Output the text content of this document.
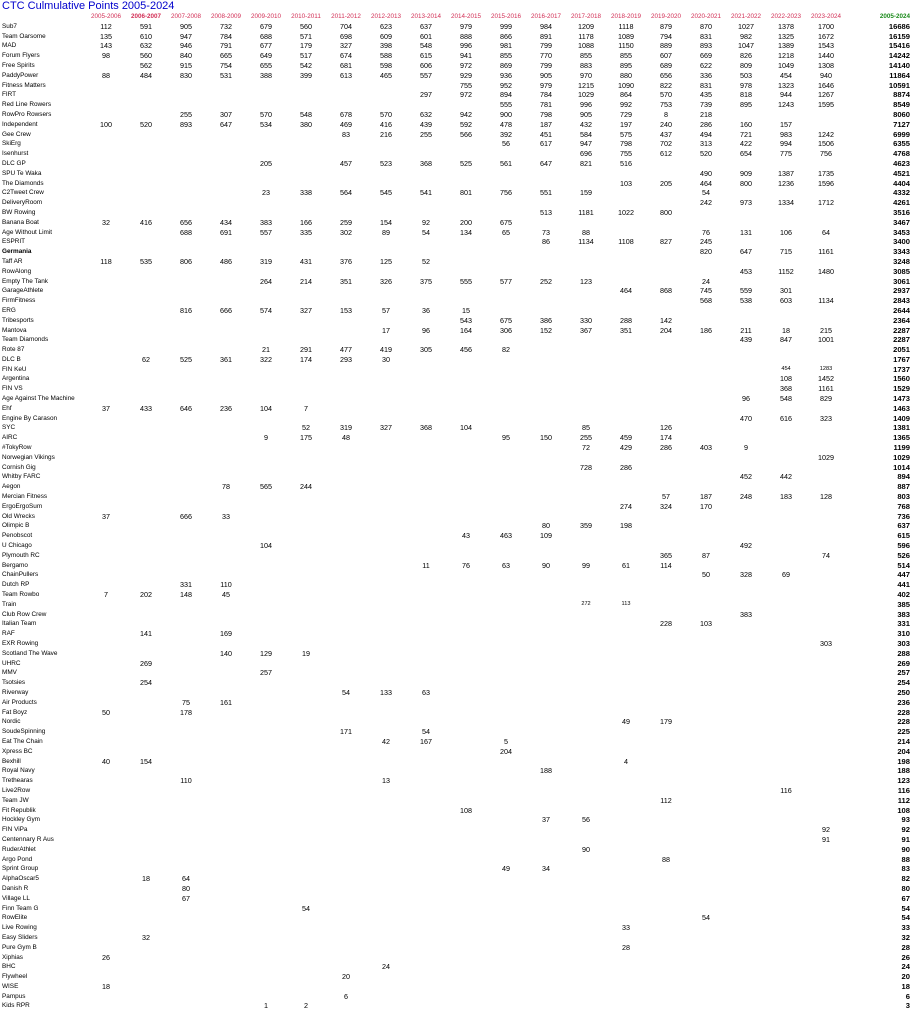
CTC Culmulative Points 2005-2024
	2005-2006	2006-2007	2007-2008	2008-2009	2009-2010	2010-2011	2011-2012	2012-2013	2013-2014	2014-2015	2015-2016	2016-2017	2017-2018	2018-2019	2019-2020	2020-2021	2021-2022	2022-2023	2023-2024	2005-2024
Sub7	112	591	905	732	679	560	704	623	637	979	999	984	1209	1118	879	870	1027	1378	1700	16686
Team Oarsome	135	610	947	784	688	571	698	609	601	888	866	891	1178	1089	794	831	982	1325	1672	16159
MAD	143	632	946	791	677	179	327	398	548	996	981	799	1088	1150	889	893	1047	1389	1543	15416
Forum Flyers	98	560	840	665	649	517	674	588	615	941	855	770	855	855	607	669	826	1218	1440	14242
Free Spirits		562	915	754	655	542	681	598	606	972	869	799	883	895	689	622	809	1049	1308	14140
PaddyPower	88	484	830	531	388	399	613	465	557	929	936	905	970	880	656	336	503	454	940	11864
Fitness Matters										755	952	979	1215	1090	822	831	978	1323	1646	10591
FIRT									297	972	894	784	1029	864	570	435	818	944	1267	8874
Red Line Rowers											555	781	996	992	753	739	895	1243	1595	8549
RowPro Rowsers			255	307	570	548	678	570	632	942	900	798	905	729	8	218				8060
Independent	100	520	893	647	534	380	469	416	439	592	478	187	432	197	240	286	160	157		7127
Gee Crew							83	216	255	566	392	451	584	575	437	494	721	983	1242	6999
SkiErg											56	617	947	798	702	313	422	994	1506	6355
Isenhurst													696	755	612	520	654	775	756	4768
DLC GP					205		457	523	368	525	561	647	821	516						4623
SPU Te Waka																490	909	1387	1735	4521
The Diamonds														103	205	464	800	1236	1596	4404
C2Tweet Crew					23	338	564	545	541	801	756	551	159			54				4332
DeliveryRoom																242	973	1334	1712	4261
BW Rowing												513	1181	1022	800					3516
Banana Boat	32	416	656	434	383	166	259	154	92	200	675									3467
Age Without Limit			688	691	557	335	302	89	54	134	65	73	88			76	131	106	64	3453
ESPRIT												86	1134	1108	827	245				3400
Germania																820	647	715	1161	3343
Taff AR	118	535	806	486	319	431	376	125	52											3248
RowAlong																	453	1152	1480	3085
Empty The Tank					264	214	351	326	375	555	577	252	123			24				3061
GarageAthlete														464	868	745	559	301		2937
FirmFitness																568	538	603	1134	2843
ERG			816	666	574	327	153	57	36	15										2644
Tribesports										543	675	386	330	288	142					2364
Mantova								17	96	164	306	152	367	351	204	186	211	18	215	2287
Team Diamonds																	439	847	1001	2287
Rote 87					21	291	477	419	305	456	82									2051
DLC B		62	525	361	322	174	293	30												1767
FIN KeU																		454	1283	1737
Argentina																		108	1452	1560
FIN VS																		368	1161	1529
Age Against The Machine																	96	548	829	1473
Ehf	37	433	646	236	104	7														1463
Engine By Carason																	470	616	323	1409
SYC						52	319	327	368	104			85		126					1381
AIRC					9	175	48				95	150	255	459	174					1365
#TokyRow													72	429	286	403	9			1199
Norwegian Vikings																			1029	1029
Cornish Gig													728	286						1014
Whitby FARC																	452	442		894
Aegon				78	565	244														887
Mercian Fitness															57	187	248	183	128	803
ErgoErgoSum														274	324	170				768
Old Wrecks	37		666	33																736
Olimpic B												80	359	198						637
Penobscot										43	463	109								615
U Chicago					104												492			596
Plymouth RC															365	87			74	526
Bergamo									11	76	63	90	99	61	114					514
ChainPullers																50	328	69		447
Dutch RP			331	110																441
Team Rowbo	7	202	148	45																402
Train													272	113						385
Club Row Crew																	383			383
Italian Team															228	103				331
RAF		141		169																310
EXR Rowing																			303	303
Scotland The Wave				140	129	19														288
UHRC		269																		269
MMV					257															257
Tsotsies		254																		254
Riverway							54	133	63											250
Air Products			75	161																236
Fat Boyz	50		178																	228
Nordic														49	179					228
SoudeSpinning							171		54											225
Eat The Chain								42	167		5									214
Xpress BC											204									204
Bexhill	40	154												4						198
Royal Navy												188								188
Trethearas			110					13												123
Live2Row																		116		116
Team JW															112					112
Fit Republik										108										108
Hockley Gym												37	56							93
FIN ViPa																			92	92
Centennary R Aus																			91	91
RuderAthlet													90							90
Argo Pond															88					88
Sprint Group											49	34								83
AlphaOscar5		18	64																	82
Danish R			80																	80
Village LL			67																	67
Finn Team G						54														54
RowElite																54				54
Live Rowing														33						33
Easy Sliders		32																		32
Pure Gym B														28						28
Xiphias	26																			26
BHC								24												24
Flywheel							20													20
WISE	18																			18
Pampus							6													6
Kids RPR					1	2														3
